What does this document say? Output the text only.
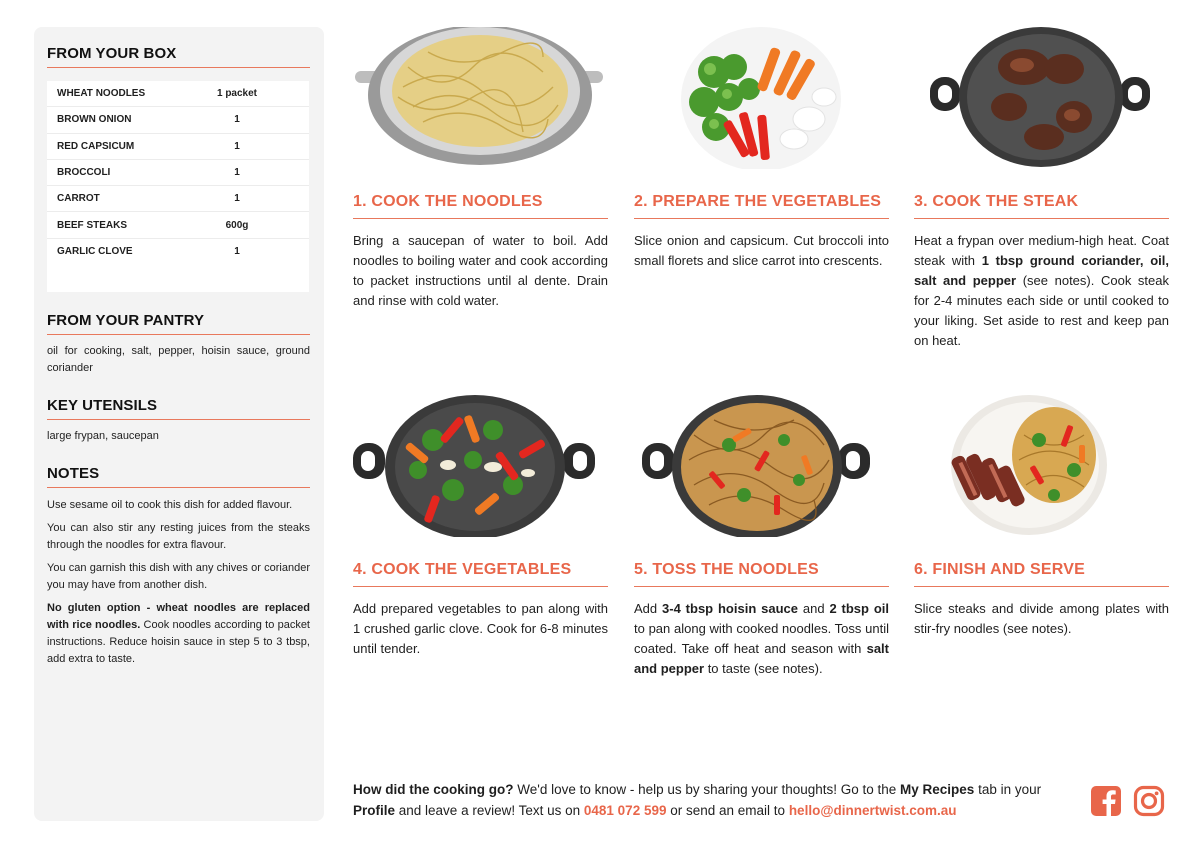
FROM YOUR BOX
WHEAT NOODLES	1 packet
BROWN ONION	1
RED CAPSICUM	1
BROCCOLI	1
CARROT	1
BEEF STEAKS	600g
GARLIC CLOVE	1
FROM YOUR PANTRY
oil for cooking, salt, pepper, hoisin sauce, ground coriander
KEY UTENSILS
large frypan, saucepan
NOTES

Use sesame oil to cook this dish for added flavour.

You can also stir any resting juices from the steaks through the noodles for extra flavour.

You can garnish this dish with any chives or coriander you may have from another dish.

No gluten option - wheat noodles are replaced with rice noodles. Cook noodles according to packet instructions. Reduce hoisin sauce in step 5 to 3 tbsp, add extra to taste.

1. COOK THE NOODLES

Bring a saucepan of water to boil. Add noodles to boiling water and cook according to packet instructions until al dente. Drain and rinse with cold water.

2. PREPARE THE VEGETABLES

Slice onion and capsicum. Cut broccoli into small florets and slice carrot into crescents.

3. COOK THE STEAK

Heat a frypan over medium-high heat. Coat steak with 1 tbsp ground coriander, oil, salt and pepper (see notes). Cook steak for 2-4 minutes each side or until cooked to your liking. Set aside to rest and keep pan on heat.

4. COOK THE VEGETABLES

Add prepared vegetables to pan along with 1 crushed garlic clove. Cook for 6-8 minutes until tender.

5. TOSS THE NOODLES

Add 3-4 tbsp hoisin sauce and 2 tbsp oil to pan along with cooked noodles. Toss until coated. Take off heat and season with salt and pepper to taste (see notes).

6. FINISH AND SERVE

Slice steaks and divide among plates with stir-fry noodles (see notes).

How did the cooking go? We'd love to know - help us by sharing your thoughts! Go to the My Recipes tab in your Profile and leave a review! Text us on 0481 072 599 or send an email to hello@dinnertwist.com.au
